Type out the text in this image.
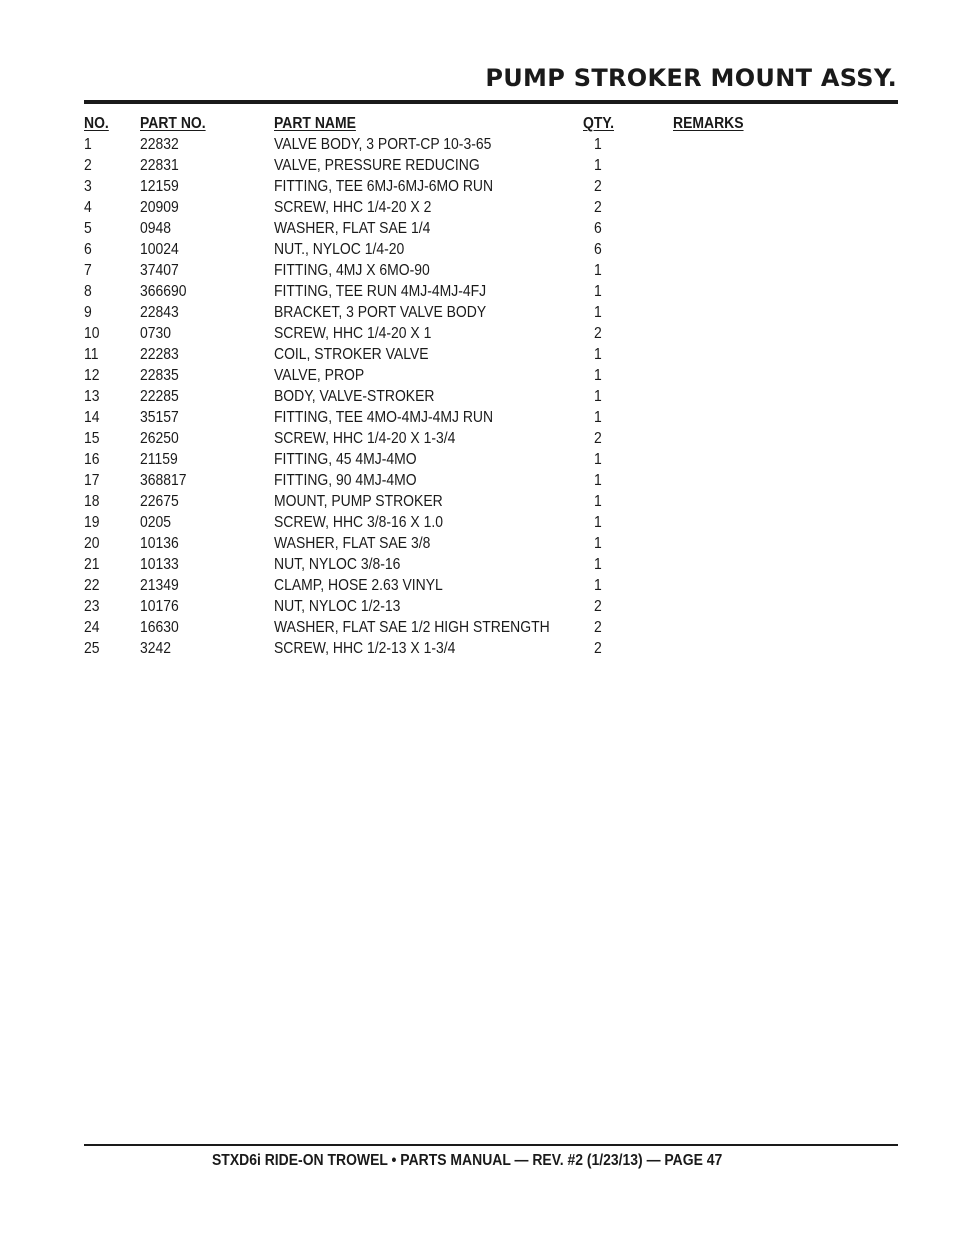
PUMP STROKER MOUNT ASSY.
NO. PART NO.	PART NAME	QTY.	REMARKS
1	22832	VALVE BODY, 3 PORT-CP 10-3-65	1
2	22831	VALVE, PRESSURE REDUCING	1
3	12159	FITTING, TEE 6MJ-6MJ-6MO RUN	2
4	20909	SCREW, HHC 1/4-20 X 2	2
5	0948	WASHER, FLAT SAE 1/4	6
6	10024	NUT., NYLOC 1/4-20	6
7	37407	FITTING, 4MJ X 6MO-90	1
8	366690	FITTING, TEE RUN 4MJ-4MJ-4FJ	1
9	22843	BRACKET, 3 PORT VALVE BODY	1
10	0730	SCREW, HHC 1/4-20 X 1	2
11	22283	COIL, STROKER VALVE	1
12	22835	VALVE, PROP	1
13	22285	BODY, VALVE-STROKER	1
14	35157	FITTING, TEE 4MO-4MJ-4MJ RUN	1
15	26250	SCREW, HHC 1/4-20 X 1-3/4	2
16	21159	FITTING, 45 4MJ-4MO	1
17	368817	FITTING, 90 4MJ-4MO	1
18	22675	MOUNT, PUMP STROKER	1
19	0205	SCREW, HHC 3/8-16 X 1.0	1
20	10136	WASHER, FLAT SAE 3/8	1
21	10133	NUT, NYLOC 3/8-16	1
22	21349	CLAMP, HOSE 2.63 VINYL	1
23	10176	NUT, NYLOC 1/2-13	2
24	16630	WASHER, FLAT SAE 1/2 HIGH STRENGTH	2
25	3242	SCREW, HHC 1/2-13 X 1-3/4	2
STXD6i RIDE-ON TROWEL • PARTS MANUAL — REV. #2 (1/23/13) — PAGE 47
